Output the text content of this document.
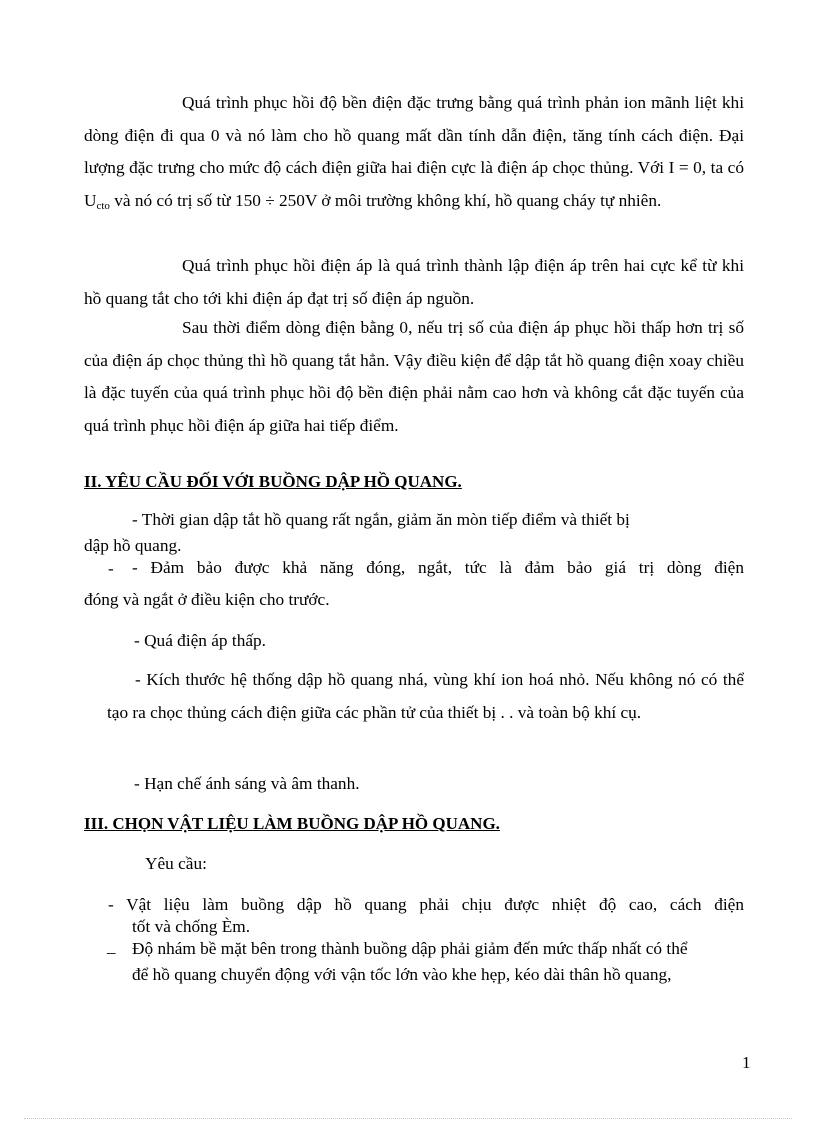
Quá trình phục hồi độ bền điện đặc trưng bằng quá trình phản ion mãnh liệt khi dòng điện đi qua 0 và nó làm cho hồ quang mất dần tính dẫn điện, tăng tính cách điện. Đại lượng đặc trưng cho mức độ cách điện giữa hai điện cực là điện áp chọc thủng. Với I = 0, ta có $U_{cto}$ và nó có trị số từ 150 ÷ 250V ở môi trường không khí, hồ quang cháy tự nhiên.
Quá trình phục hồi điện áp là quá trình thành lập điện áp trên hai cực kể từ khi hồ quang tắt cho tới khi điện áp đạt trị số điện áp nguồn.
Sau thời điểm dòng điện bằng 0, nếu trị số của điện áp phục hồi thấp hơn trị số của điện áp chọc thủng thì hồ quang tắt hẳn. Vậy điều kiện để dập tắt hồ quang điện xoay chiều là đặc tuyến của quá trình phục hồi độ bền điện phải nằm cao hơn và không cắt đặc tuyến của quá trình phục hồi điện áp giữa hai tiếp điểm.
II. YÊU CẦU ĐỐI VỚI BUỒNG DẬP HỒ QUANG.
- Thời gian dập tắt hồ quang rất ngắn, giảm ăn mòn tiếp điểm và thiết bị
dập hồ quang.
- - Đảm bảo được khả năng đóng, ngắt, tức là đảm bảo giá trị dòng điện
đóng và ngắt ở điều kiện cho trước.
- Quá điện áp thấp.
- Kích thước hệ thống dập hồ quang nhá, vùng khí ion hoá nhỏ. Nếu không nó có thể tạo ra chọc thủng cách điện giữa các phần tử của thiết bị . . và toàn bộ khí cụ.
- Hạn chế ánh sáng và âm thanh.
III. CHỌN VẬT LIỆU LÀM BUỒNG DẬP HỒ QUANG.
Yêu cầu:
- Vật liệu làm buồng dập hồ quang phải chịu được nhiệt độ cao, cách điện
tốt và chống Èm.
_ Độ nhám bề mặt bên trong thành buồng dập phải giảm đến mức thấp nhất có thể
để hồ quang chuyển động với vận tốc lớn vào khe hẹp, kéo dài thân hồ quang,
1
